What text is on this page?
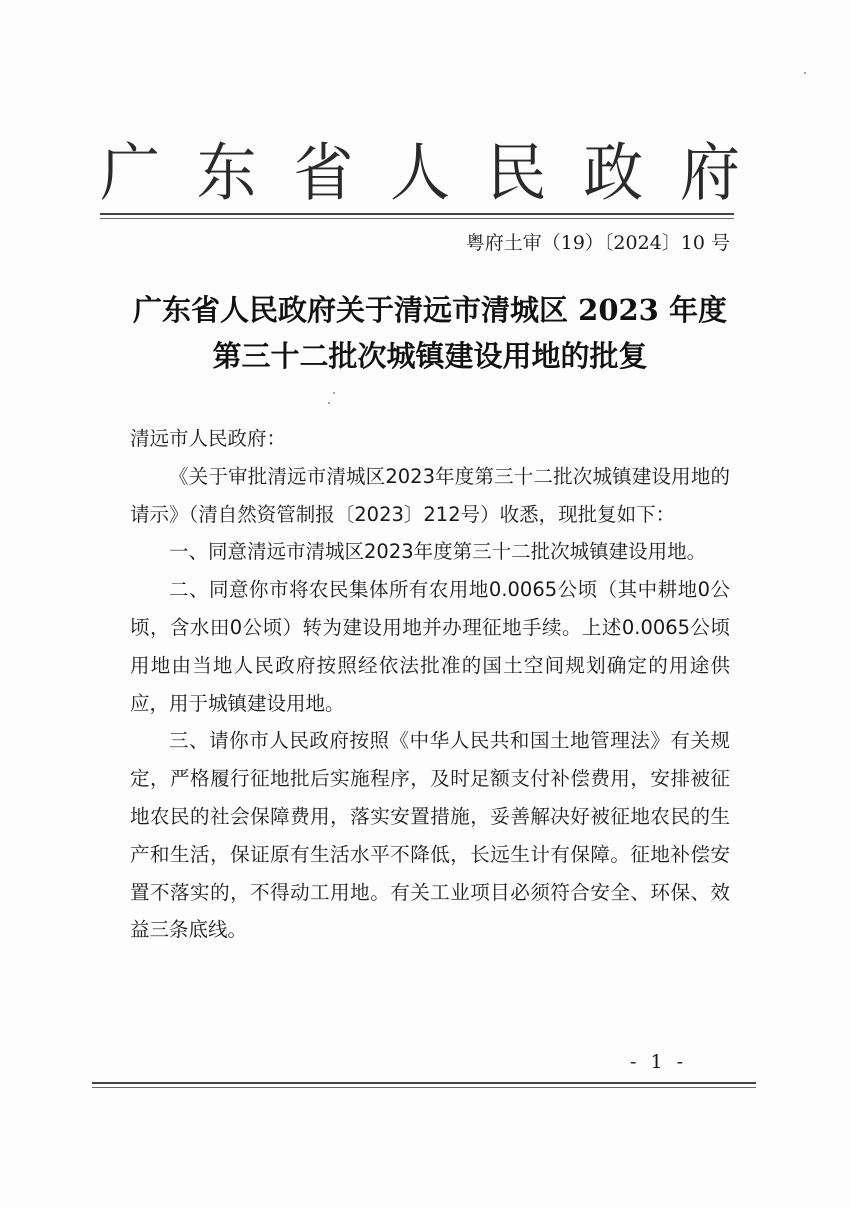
广 东 省 人 民 政 府
粤府土审（19）〔2024〕10 号
广东省人民政府关于清远市清城区 2023 年度
第三十二批次城镇建设用地的批复

清远市人民政府：

《关于审批清远市清城区2023年度第三十二批次城镇建设用地的请示》（清自然资管制报〔2023〕212号）收悉，现批复如下：

一、同意清远市清城区2023年度第三十二批次城镇建设用地。

二、同意你市将农民集体所有农用地0.0065公顷（其中耕地0公顷，含水田0公顷）转为建设用地并办理征地手续。上述0.0065公顷用地由当地人民政府按照经依法批准的国土空间规划确定的用途供应，用于城镇建设用地。

三、请你市人民政府按照《中华人民共和国土地管理法》有关规定，严格履行征地批后实施程序，及时足额支付补偿费用，安排被征地农民的社会保障费用，落实安置措施，妥善解决好被征地农民的生产和生活，保证原有生活水平不降低，长远生计有保障。征地补偿安置不落实的，不得动工用地。有关工业项目必须符合安全、环保、效益三条底线。

- 1 -
